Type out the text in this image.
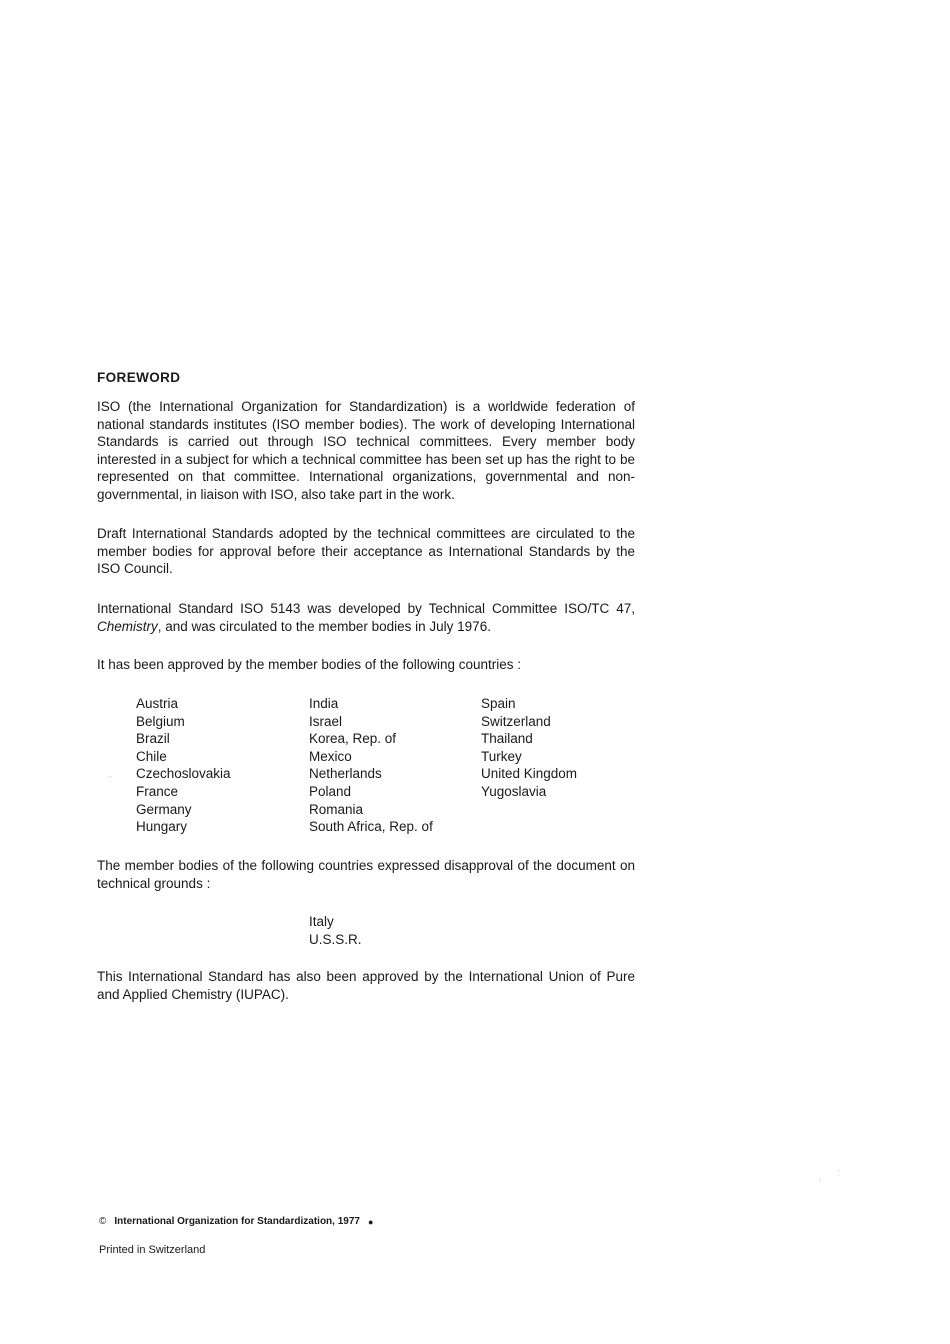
FOREWORD

ISO (the International Organization for Standardization) is a worldwide federation of national standards institutes (ISO member bodies). The work of developing International Standards is carried out through ISO technical committees. Every member body interested in a subject for which a technical committee has been set up has the right to be represented on that committee. International organizations, governmental and non-governmental, in liaison with ISO, also take part in the work.

Draft International Standards adopted by the technical committees are circulated to the member bodies for approval before their acceptance as International Standards by the ISO Council.

International Standard ISO 5143 was developed by Technical Committee ISO/TC 47, Chemistry, and was circulated to the member bodies in July 1976.

It has been approved by the member bodies of the following countries :

Austria
Belgium
Brazil
Chile
Czechoslovakia
France
Germany
Hungary
India
Israel
Korea, Rep. of
Mexico
Netherlands
Poland
Romania
South Africa, Rep. of
Spain
Switzerland
Thailand
Turkey
United Kingdom
Yugoslavia

The member bodies of the following countries expressed disapproval of the document on technical grounds :

Italy
U.S.S.R.

This International Standard has also been approved by the International Union of Pure and Applied Chemistry (IUPAC).

© International Organization for Standardization, 1977 ●
Printed in Switzerland
